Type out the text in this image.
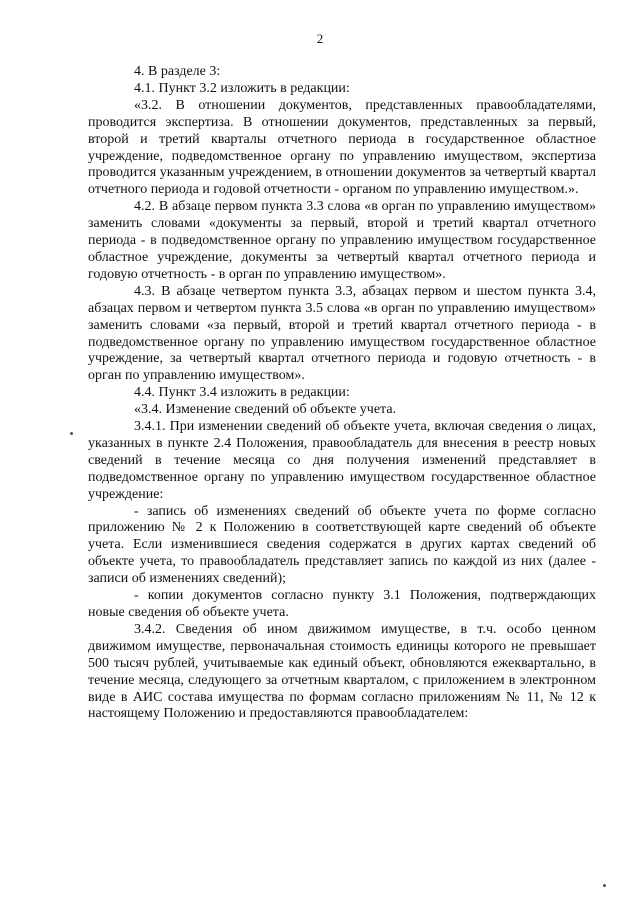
2

4. В разделе 3:

4.1. Пункт 3.2 изложить в редакции:

«3.2. В отношении документов, представленных правообладателями, проводится экспертиза. В отношении документов, представленных за первый, второй и третий кварталы отчетного периода в государственное областное учреждение, подведомственное органу по управлению имуществом, экспертиза проводится указанным учреждением, в отношении документов за четвертый квартал отчетного периода и годовой отчетности - органом по управлению имуществом.».

4.2. В абзаце первом пункта 3.3 слова «в орган по управлению имуществом» заменить словами «документы за первый, второй и третий квартал отчетного периода - в подведомственное органу по управлению имуществом государственное областное учреждение, документы за четвертый квартал отчетного периода и годовую отчетность - в орган по управлению имуществом».

4.3. В абзаце четвертом пункта 3.3, абзацах первом и шестом пункта 3.4, абзацах первом и четвертом пункта 3.5 слова «в орган по управлению имуществом» заменить словами «за первый, второй и третий квартал отчетного периода - в подведомственное органу по управлению имуществом государственное областное учреждение, за четвертый квартал отчетного периода и годовую отчетность - в орган по управлению имуществом».

4.4. Пункт 3.4 изложить в редакции:

«3.4. Изменение сведений об объекте учета.

3.4.1. При изменении сведений об объекте учета, включая сведения о лицах, указанных в пункте 2.4 Положения, правообладатель для внесения в реестр новых сведений в течение месяца со дня получения изменений представляет в подведомственное органу по управлению имуществом государственное областное учреждение:

- запись об изменениях сведений об объекте учета по форме согласно приложению № 2 к Положению в соответствующей карте сведений об объекте учета. Если изменившиеся сведения содержатся в других картах сведений об объекте учета, то правообладатель представляет запись по каждой из них (далее - записи об изменениях сведений);

- копии документов согласно пункту 3.1 Положения, подтверждающих новые сведения об объекте учета.

3.4.2. Сведения об ином движимом имуществе, в т.ч. особо ценном движимом имуществе, первоначальная стоимость единицы которого не превышает 500 тысяч рублей, учитываемые как единый объект, обновляются ежеквартально, в течение месяца, следующего за отчетным кварталом, с приложением в электронном виде в АИС состава имущества по формам согласно приложениям № 11, № 12 к настоящему Положению и предоставляются правообладателем:
